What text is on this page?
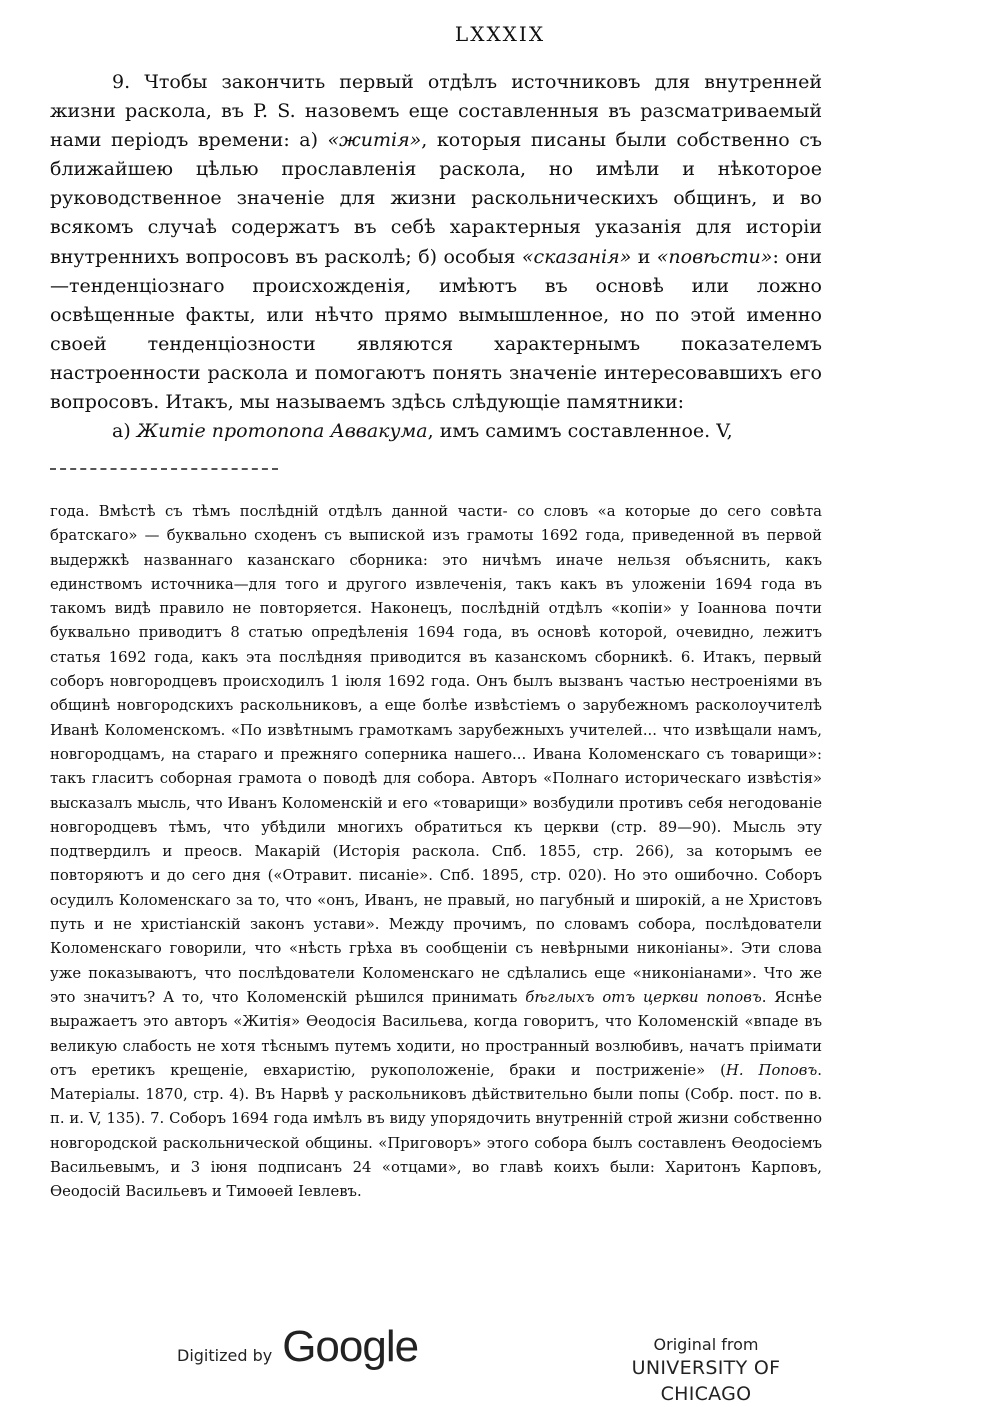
LXXXIX

9. Чтобы закончить первый отдѣлъ источниковъ для внутренней жизни раскола, въ P. S. назовемъ еще составленныя въ разсматриваемый нами періодъ времени: а) «житія», которыя писаны были собственно съ ближайшею цѣлью прославленія раскола, но имѣли и нѣкоторое руководственное значеніе для жизни раскольническихъ общинъ, и во всякомъ случаѣ содержатъ въ себѣ характерныя указанія для исторіи внутреннихъ вопросовъ въ расколѣ; б) особыя «сказанія» и «повѣсти»: они—тенденціознаго происхожденія, имѣютъ въ основѣ или ложно освѣщенные факты, или нѣчто прямо вымышленное, но по этой именно своей тенденціозности являются характернымъ показателемъ настроенности раскола и помогаютъ понять значеніе интересовавшихъ его вопросовъ. Итакъ, мы называемъ здѣсь слѣдующіе памятники:

а) Житіе протопопа Аввакума, имъ самимъ составленное. V,

года. Вмѣстѣ съ тѣмъ послѣдній отдѣлъ данной части- со словъ «а которые до сего совѣта братскаго» — буквально сходенъ съ выпиской изъ грамоты 1692 года, приведенной въ первой выдержкѣ названнаго казанскаго сборника: это ничѣмъ иначе нельзя объяснить, какъ единствомъ источника—для того и другого извлеченія, такъ какъ въ уложеніи 1694 года въ такомъ видѣ правило не повторяется. Наконецъ, послѣдній отдѣлъ «копіи» у Іоаннова почти буквально приводитъ 8 статью опредѣленія 1694 года, въ основѣ которой, очевидно, лежитъ статья 1692 года, какъ эта послѣдняя приводится въ казанскомъ сборникѣ. 6. Итакъ, первый соборъ новгородцевъ происходилъ 1 іюля 1692 года. Онъ былъ вызванъ частью нестроеніями въ общинѣ новгородскихъ раскольниковъ, а еще болѣе извѣстіемъ о зарубежномъ расколоучителѣ Иванѣ Коломенскомъ. «По извѣтнымъ грамоткамъ зарубежныхъ учителей... что извѣщали намъ, новгородцамъ, на стараго и прежняго соперника нашего... Ивана Коломенскаго съ товарищи»: такъ гласитъ соборная грамота о поводѣ для собора. Авторъ «Полнаго историческаго извѣстія» высказалъ мысль, что Иванъ Коломенскій и его «товарищи» возбудили противъ себя негодованіе новгородцевъ тѣмъ, что убѣдили многихъ обратиться къ церкви (стр. 89—90). Мысль эту подтвердилъ и преосв. Макарій (Исторія раскола. Спб. 1855, стр. 266), за которымъ ее повторяютъ и до сего дня («Отравит. писаніе». Спб. 1895, стр. 020). Но это ошибочно. Соборъ осудилъ Коломенскаго за то, что «онъ, Иванъ, не правый, но пагубный и широкій, а не Христовъ путь и не христіанскій законъ устави». Между прочимъ, по словамъ собора, послѣдователи Коломенскаго говорили, что «нѣсть грѣха въ сообщеніи съ невѣрными никоніаны». Эти слова уже показываютъ, что послѣдователи Коломенскаго не сдѣлались еще «никоніанами». Что же это значитъ? А то, что Коломенскій рѣшился принимать бѣглыхъ отъ церкви поповъ. Яснѣе выражаетъ это авторъ «Житія» Ѳеодосія Васильева, когда говоритъ, что Коломенскій «впаде въ великую слабость не хотя тѣснымъ путемъ ходити, но пространный возлюбивъ, начатъ пріимати отъ еретикъ крещеніе, евхаристію, рукоположеніе, браки и постриженіе» (Н. Поповъ. Матеріалы. 1870, стр. 4). Въ Нарвѣ у раскольниковъ дѣйствительно были попы (Собр. пост. по в. п. и. V, 135). 7. Соборъ 1694 года имѣлъ въ виду упорядочить внутренній строй жизни собственно новгородской раскольнической общины. «Приговоръ» этого собора былъ составленъ Ѳеодосіемъ Васильевымъ, и 3 іюня подписанъ 24 «отцами», во главѣ коихъ были: Харитонъ Карповъ, Ѳеодосій Васильевъ и Тимоѳей Іевлевъ.

Digitized by Google	Original from
UNIVERSITY OF CHICAGO
